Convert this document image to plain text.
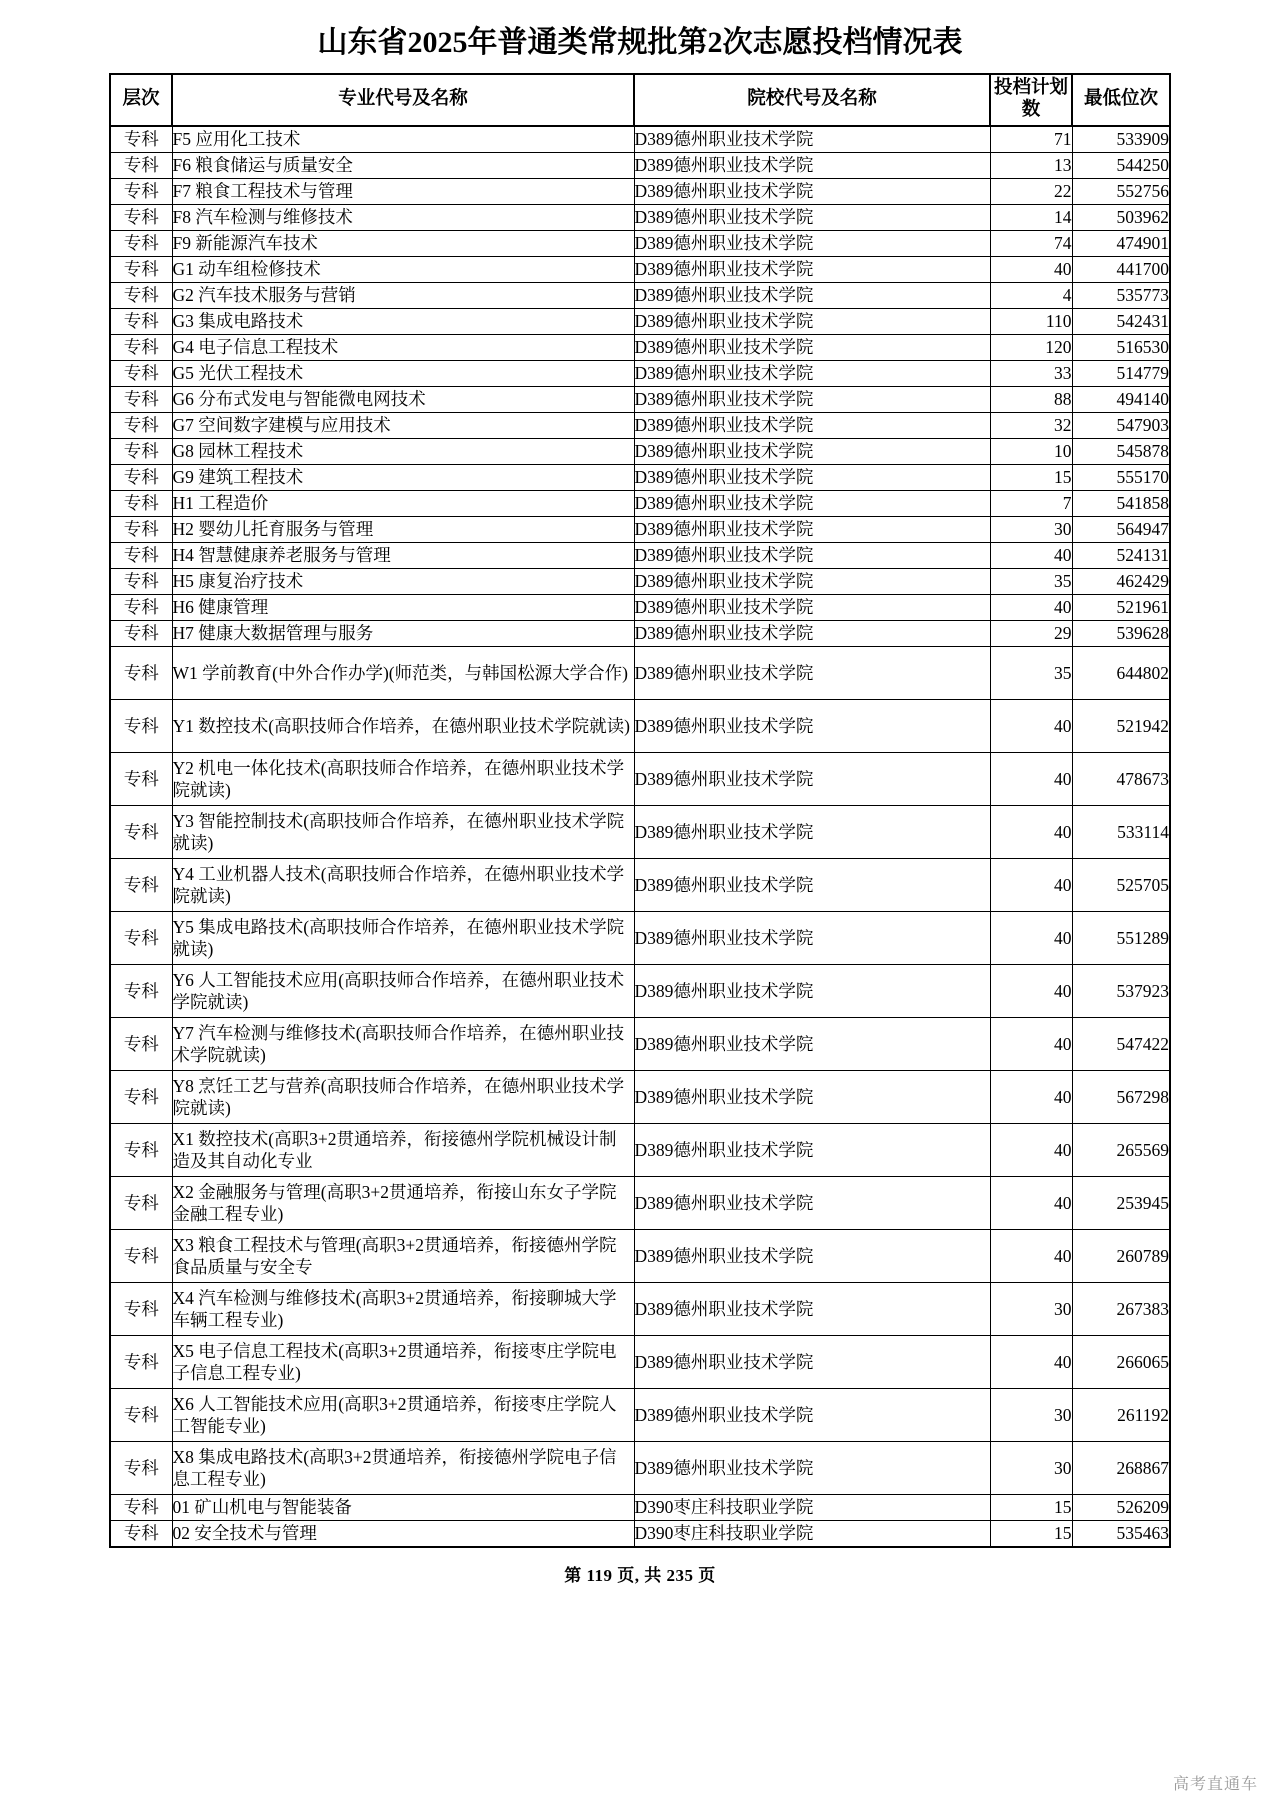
山东省2025年普通类常规批第2次志愿投档情况表
层次	专业代号及名称	院校代号及名称	投档计划数	最低位次
专科	F5 应用化工技术	D389德州职业技术学院	71	533909
专科	F6 粮食储运与质量安全	D389德州职业技术学院	13	544250
专科	F7 粮食工程技术与管理	D389德州职业技术学院	22	552756
专科	F8 汽车检测与维修技术	D389德州职业技术学院	14	503962
专科	F9 新能源汽车技术	D389德州职业技术学院	74	474901
专科	G1 动车组检修技术	D389德州职业技术学院	40	441700
专科	G2 汽车技术服务与营销	D389德州职业技术学院	4	535773
专科	G3 集成电路技术	D389德州职业技术学院	110	542431
专科	G4 电子信息工程技术	D389德州职业技术学院	120	516530
专科	G5 光伏工程技术	D389德州职业技术学院	33	514779
专科	G6 分布式发电与智能微电网技术	D389德州职业技术学院	88	494140
专科	G7 空间数字建模与应用技术	D389德州职业技术学院	32	547903
专科	G8 园林工程技术	D389德州职业技术学院	10	545878
专科	G9 建筑工程技术	D389德州职业技术学院	15	555170
专科	H1 工程造价	D389德州职业技术学院	7	541858
专科	H2 婴幼儿托育服务与管理	D389德州职业技术学院	30	564947
专科	H4 智慧健康养老服务与管理	D389德州职业技术学院	40	524131
专科	H5 康复治疗技术	D389德州职业技术学院	35	462429
专科	H6 健康管理	D389德州职业技术学院	40	521961
专科	H7 健康大数据管理与服务	D389德州职业技术学院	29	539628
专科	W1 学前教育(中外合作办学)(师范类，与韩国松源大学合作)	D389德州职业技术学院	35	644802
专科	Y1 数控技术(高职技师合作培养，在德州职业技术学院就读)	D389德州职业技术学院	40	521942
专科	Y2 机电一体化技术(高职技师合作培养，在德州职业技术学院就读)	D389德州职业技术学院	40	478673
专科	Y3 智能控制技术(高职技师合作培养，在德州职业技术学院就读)	D389德州职业技术学院	40	533114
专科	Y4 工业机器人技术(高职技师合作培养，在德州职业技术学院就读)	D389德州职业技术学院	40	525705
专科	Y5 集成电路技术(高职技师合作培养，在德州职业技术学院就读)	D389德州职业技术学院	40	551289
专科	Y6 人工智能技术应用(高职技师合作培养，在德州职业技术学院就读)	D389德州职业技术学院	40	537923
专科	Y7 汽车检测与维修技术(高职技师合作培养，在德州职业技术学院就读)	D389德州职业技术学院	40	547422
专科	Y8 烹饪工艺与营养(高职技师合作培养，在德州职业技术学院就读)	D389德州职业技术学院	40	567298
专科	X1 数控技术(高职3+2贯通培养，衔接德州学院机械设计制造及其自动化专业	D389德州职业技术学院	40	265569
专科	X2 金融服务与管理(高职3+2贯通培养，衔接山东女子学院金融工程专业)	D389德州职业技术学院	40	253945
专科	X3 粮食工程技术与管理(高职3+2贯通培养，衔接德州学院食品质量与安全专	D389德州职业技术学院	40	260789
专科	X4 汽车检测与维修技术(高职3+2贯通培养，衔接聊城大学车辆工程专业)	D389德州职业技术学院	30	267383
专科	X5 电子信息工程技术(高职3+2贯通培养，衔接枣庄学院电子信息工程专业)	D389德州职业技术学院	40	266065
专科	X6 人工智能技术应用(高职3+2贯通培养，衔接枣庄学院人工智能专业)	D389德州职业技术学院	30	261192
专科	X8 集成电路技术(高职3+2贯通培养，衔接德州学院电子信息工程专业)	D389德州职业技术学院	30	268867
专科	01 矿山机电与智能装备	D390枣庄科技职业学院	15	526209
专科	02 安全技术与管理	D390枣庄科技职业学院	15	535463
第 119 页, 共 235 页
高考直通车
